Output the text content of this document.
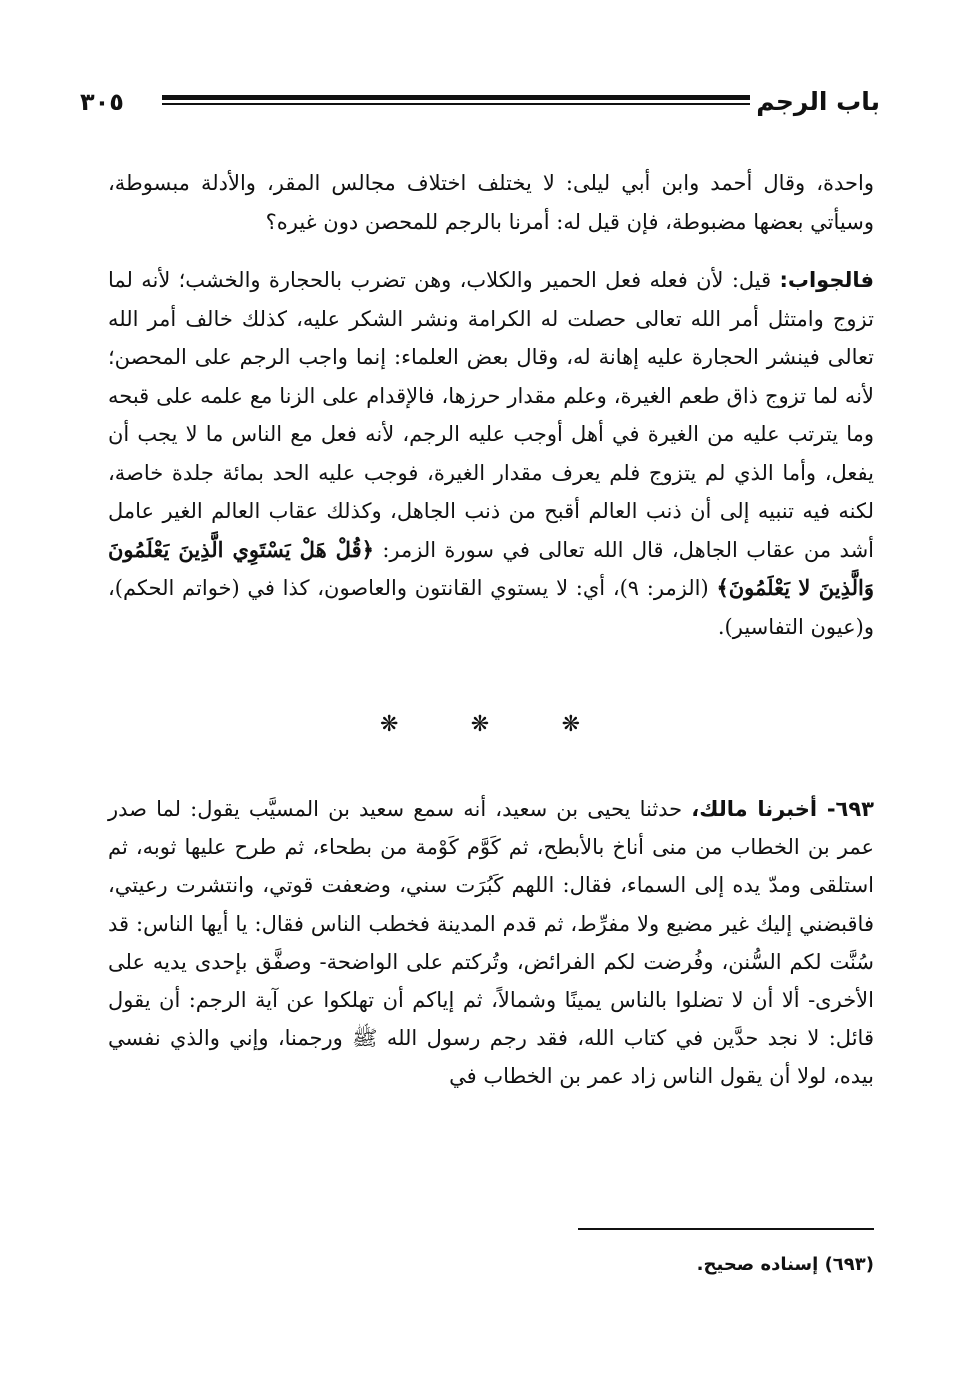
باب الرجم
٣٠٥

واحدة، وقال أحمد وابن أبي ليلى: لا يختلف اختلاف مجالس المقر، والأدلة مبسوطة، وسيأتي بعضها مضبوطة، فإن قيل له: أمرنا بالرجم للمحصن دون غيره؟

فالجواب: قيل: لأن فعله فعل الحمير والكلاب، وهن تضرب بالحجارة والخشب؛ لأنه لما تزوج وامتثل أمر الله تعالى حصلت له الكرامة ونشر الشكر عليه، كذلك خالف أمر الله تعالى فينشر الحجارة عليه إهانة له، وقال بعض العلماء: إنما واجب الرجم على المحصن؛ لأنه لما تزوج ذاق طعم الغيرة، وعلم مقدار حرزها، فالإقدام على الزنا مع علمه على قبحه وما يترتب عليه من الغيرة في أهل أوجب عليه الرجم، لأنه فعل مع الناس ما لا يجب أن يفعل، وأما الذي لم يتزوج فلم يعرف مقدار الغيرة، فوجب عليه الحد بمائة جلدة خاصة، لكنه فيه تنبيه إلى أن ذنب العالم أقبح من ذنب الجاهل، وكذلك عقاب العالم الغير عامل أشد من عقاب الجاهل، قال الله تعالى في سورة الزمر: ﴿قُلْ هَلْ يَسْتَوِي الَّذِينَ يَعْلَمُونَ وَالَّذِينَ لا يَعْلَمُونَ﴾ (الزمر: ٩)، أي: لا يستوي القانتون والعاصون، كذا في (خواتم الحكم)، و(عيون التفاسير).

❋
❋
❋

٦٩٣- أخبرنا مالك، حدثنا يحيى بن سعيد، أنه سمع سعيد بن المسيَّب يقول: لما صدر عمر بن الخطاب من منى أناخ بالأبطح، ثم كَوَّم كَوْمة من بطحاء، ثم طرح عليها ثوبه، ثم استلقى ومدّ يده إلى السماء، فقال: اللهم كَبُرَت سني، وضعفت قوتي، وانتشرت رعيتي، فاقبضني إليك غير مضيع ولا مفرِّط، ثم قدم المدينة فخطب الناس فقال: يا أيها الناس: قد سُنَّت لكم السُّنن، وفُرضت لكم الفرائض، وتُركتم على الواضحة- وصفَّق بإحدى يديه على الأخرى- ألا أن لا تضلوا بالناس يمينًا وشمالاً، ثم إياكم أن تهلكوا عن آية الرجم: أن يقول قائل: لا نجد حدَّين في كتاب الله، فقد رجم رسول الله ﷺ ورجمنا، وإني والذي نفسي بيده، لولا أن يقول الناس زاد عمر بن الخطاب في

(٦٩٣) إسناده صحيح.
